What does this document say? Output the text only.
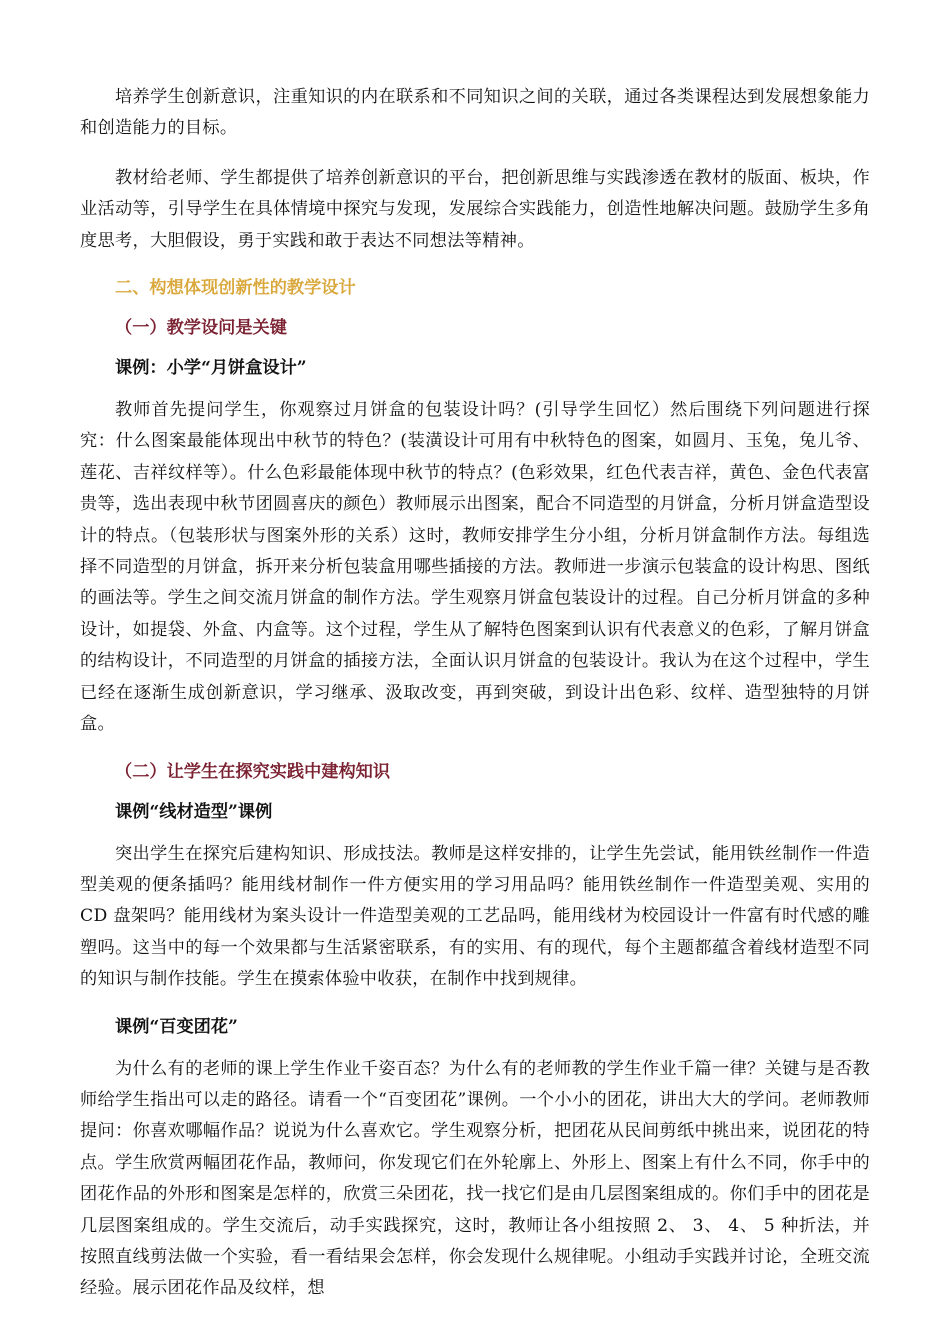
培养学生创新意识，注重知识的内在联系和不同知识之间的关联，通过各类课程达到发展想象能力和创造能力的目标。

教材给老师、学生都提供了培养创新意识的平台，把创新思维与实践渗透在教材的版面、板块，作业活动等，引导学生在具体情境中探究与发现，发展综合实践能力，创造性地解决问题。鼓励学生多角度思考，大胆假设，勇于实践和敢于表达不同想法等精神。

二、构想体现创新性的教学设计
（一）教学设问是关键
课例：小学“月饼盒设计”

教师首先提问学生，你观察过月饼盒的包装设计吗？(引导学生回忆）然后围绕下列问题进行探究：什么图案最能体现出中秋节的特色？(装潢设计可用有中秋特色的图案，如圆月、玉兔，兔儿爷、莲花、吉祥纹样等）。什么色彩最能体现中秋节的特点？(色彩效果，红色代表吉祥，黄色、金色代表富贵等，选出表现中秋节团圆喜庆的颜色）教师展示出图案，配合不同造型的月饼盒，分析月饼盒造型设计的特点。（包装形状与图案外形的关系）这时，教师安排学生分小组，分析月饼盒制作方法。每组选择不同造型的月饼盒，拆开来分析包装盒用哪些插接的方法。教师进一步演示包装盒的设计构思、图纸的画法等。学生之间交流月饼盒的制作方法。学生观察月饼盒包装设计的过程。自己分析月饼盒的多种设计，如提袋、外盒、内盒等。这个过程，学生从了解特色图案到认识有代表意义的色彩，了解月饼盒的结构设计，不同造型的月饼盒的插接方法，全面认识月饼盒的包装设计。我认为在这个过程中，学生已经在逐渐生成创新意识，学习继承、汲取改变，再到突破，到设计出色彩、纹样、造型独特的月饼盒。

（二）让学生在探究实践中建构知识
课例“线材造型”课例

突出学生在探究后建构知识、形成技法。教师是这样安排的，让学生先尝试，能用铁丝制作一件造型美观的便条插吗？能用线材制作一件方便实用的学习用品吗？能用铁丝制作一件造型美观、实用的 CD 盘架吗？能用线材为案头设计一件造型美观的工艺品吗，能用线材为校园设计一件富有时代感的雕塑吗。这当中的每一个效果都与生活紧密联系，有的实用、有的现代，每个主题都蕴含着线材造型不同的知识与制作技能。学生在摸索体验中收获，在制作中找到规律。

课例“百变团花”

为什么有的老师的课上学生作业千姿百态？为什么有的老师教的学生作业千篇一律？关键与是否教师给学生指出可以走的路径。请看一个“百变团花”课例。一个小小的团花，讲出大大的学问。老师教师提问：你喜欢哪幅作品？说说为什么喜欢它。学生观察分析，把团花从民间剪纸中挑出来，说团花的特点。学生欣赏两幅团花作品，教师问，你发现它们在外轮廓上、外形上、图案上有什么不同，你手中的团花作品的外形和图案是怎样的，欣赏三朵团花，找一找它们是由几层图案组成的。你们手中的团花是几层图案组成的。学生交流后，动手实践探究，这时，教师让各小组按照 2、 3、 4、 5 种折法，并按照直线剪法做一个实验，看一看结果会怎样，你会发现什么规律呢。小组动手实践并讨论，全班交流经验。展示团花作品及纹样，想
